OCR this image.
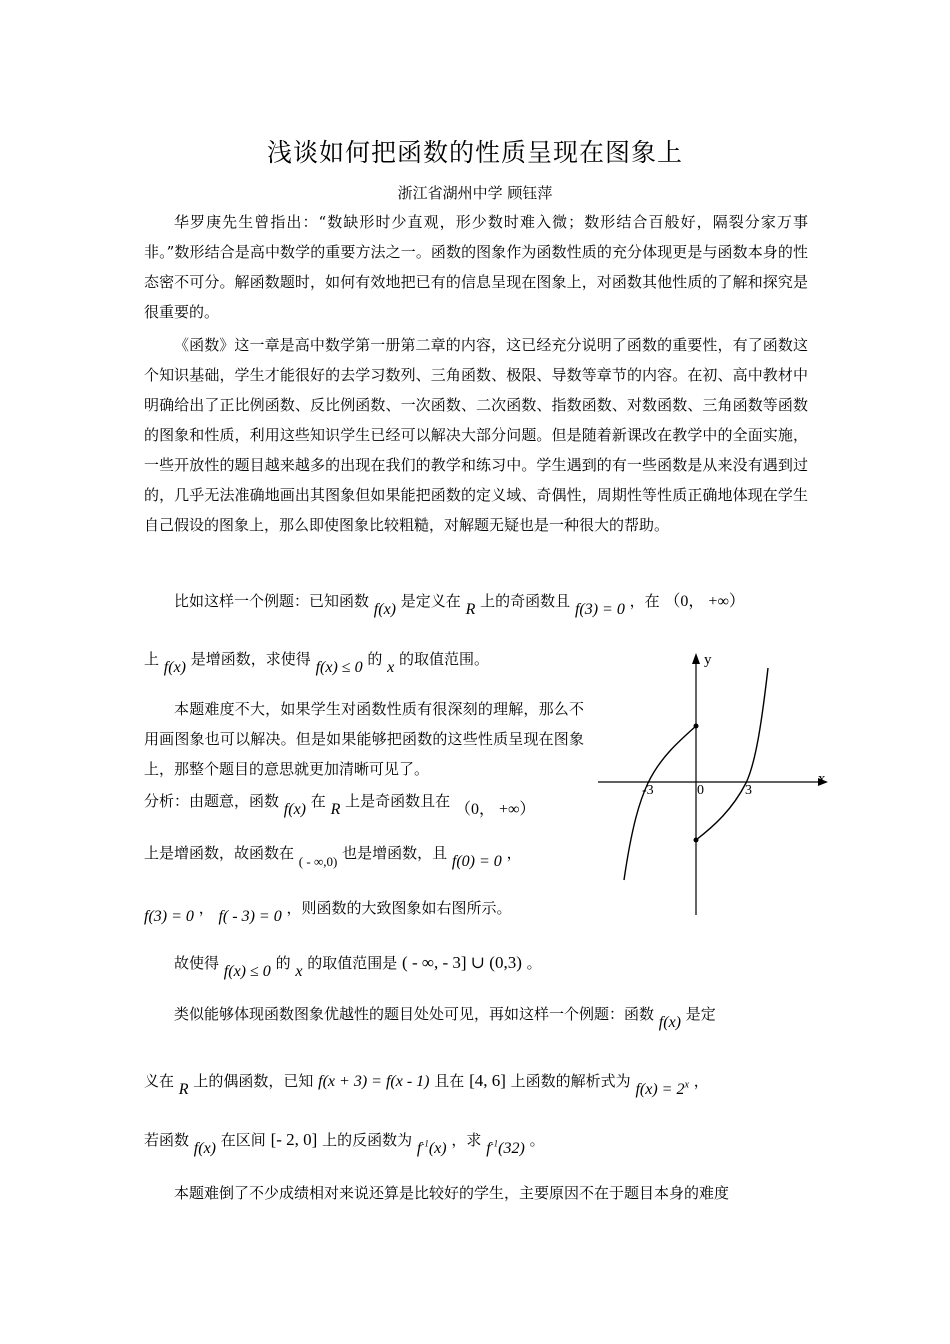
浅谈如何把函数的性质呈现在图象上
浙江省湖州中学 顾钰萍
华罗庚先生曾指出：“数缺形时少直观，形少数时难入微；数形结合百般好，隔裂分家万事非。”数形结合是高中数学的重要方法之一。函数的图象作为函数性质的充分体现更是与函数本身的性态密不可分。解函数题时，如何有效地把已有的信息呈现在图象上，对函数其他性质的了解和探究是很重要的。
《函数》这一章是高中数学第一册第二章的内容，这已经充分说明了函数的重要性，有了函数这个知识基础，学生才能很好的去学习数列、三角函数、极限、导数等章节的内容。在初、高中教材中明确给出了正比例函数、反比例函数、一次函数、二次函数、指数函数、对数函数、三角函数等函数的图象和性质，利用这些知识学生已经可以解决大部分问题。但是随着新课改在教学中的全面实施，一些开放性的题目越来越多的出现在我们的教学和练习中。学生遇到的有一些函数是从来没有遇到过的，几乎无法准确地画出其图象但如果能把函数的定义域、奇偶性，周期性等性质正确地体现在学生自己假设的图象上，那么即使图象比较粗糙，对解题无疑也是一种很大的帮助。
比如这样一个例题：已知函数 f(x) 是定义在 R 上的奇函数且 f(3) = 0 ，在 （0， +∞）
上 f(x) 是增函数，求使得 f(x) ≤ 0 的 x 的取值范围。
本题难度不大，如果学生对函数性质有很深刻的理解，那么不用画图象也可以解决。但是如果能够把函数的这些性质呈现在图象上，那整个题目的意思就更加清晰可见了。
分析：由题意，函数 f(x) 在 R 上是奇函数且在 （0， +∞）
上是增函数，故函数在 ( - ∞,0) 也是增函数，且 f(0) = 0 ，
f(3) = 0 ， f( - 3) = 0 ，则函数的大致图象如右图所示。
故使得 f(x) ≤ 0 的 x 的取值范围是 ( - ∞, - 3] ∪ (0,3) 。
类似能够体现函数图象优越性的题目处处可见，再如这样一个例题：函数 f(x) 是定
义在 R 上的偶函数，已知 f(x + 3) = f(x - 1) 且在 [4, 6] 上函数的解析式为 $f(x) = 2^x$ ，
若函数 f(x) 在区间 [- 2, 0] 上的反函数为 $f^{-1}(x)$ ，求 $f^{-1}(32)$ 。
本题难倒了不少成绩相对来说还算是比较好的学生，主要原因不在于题目本身的难度
y
x
-3	0	3
